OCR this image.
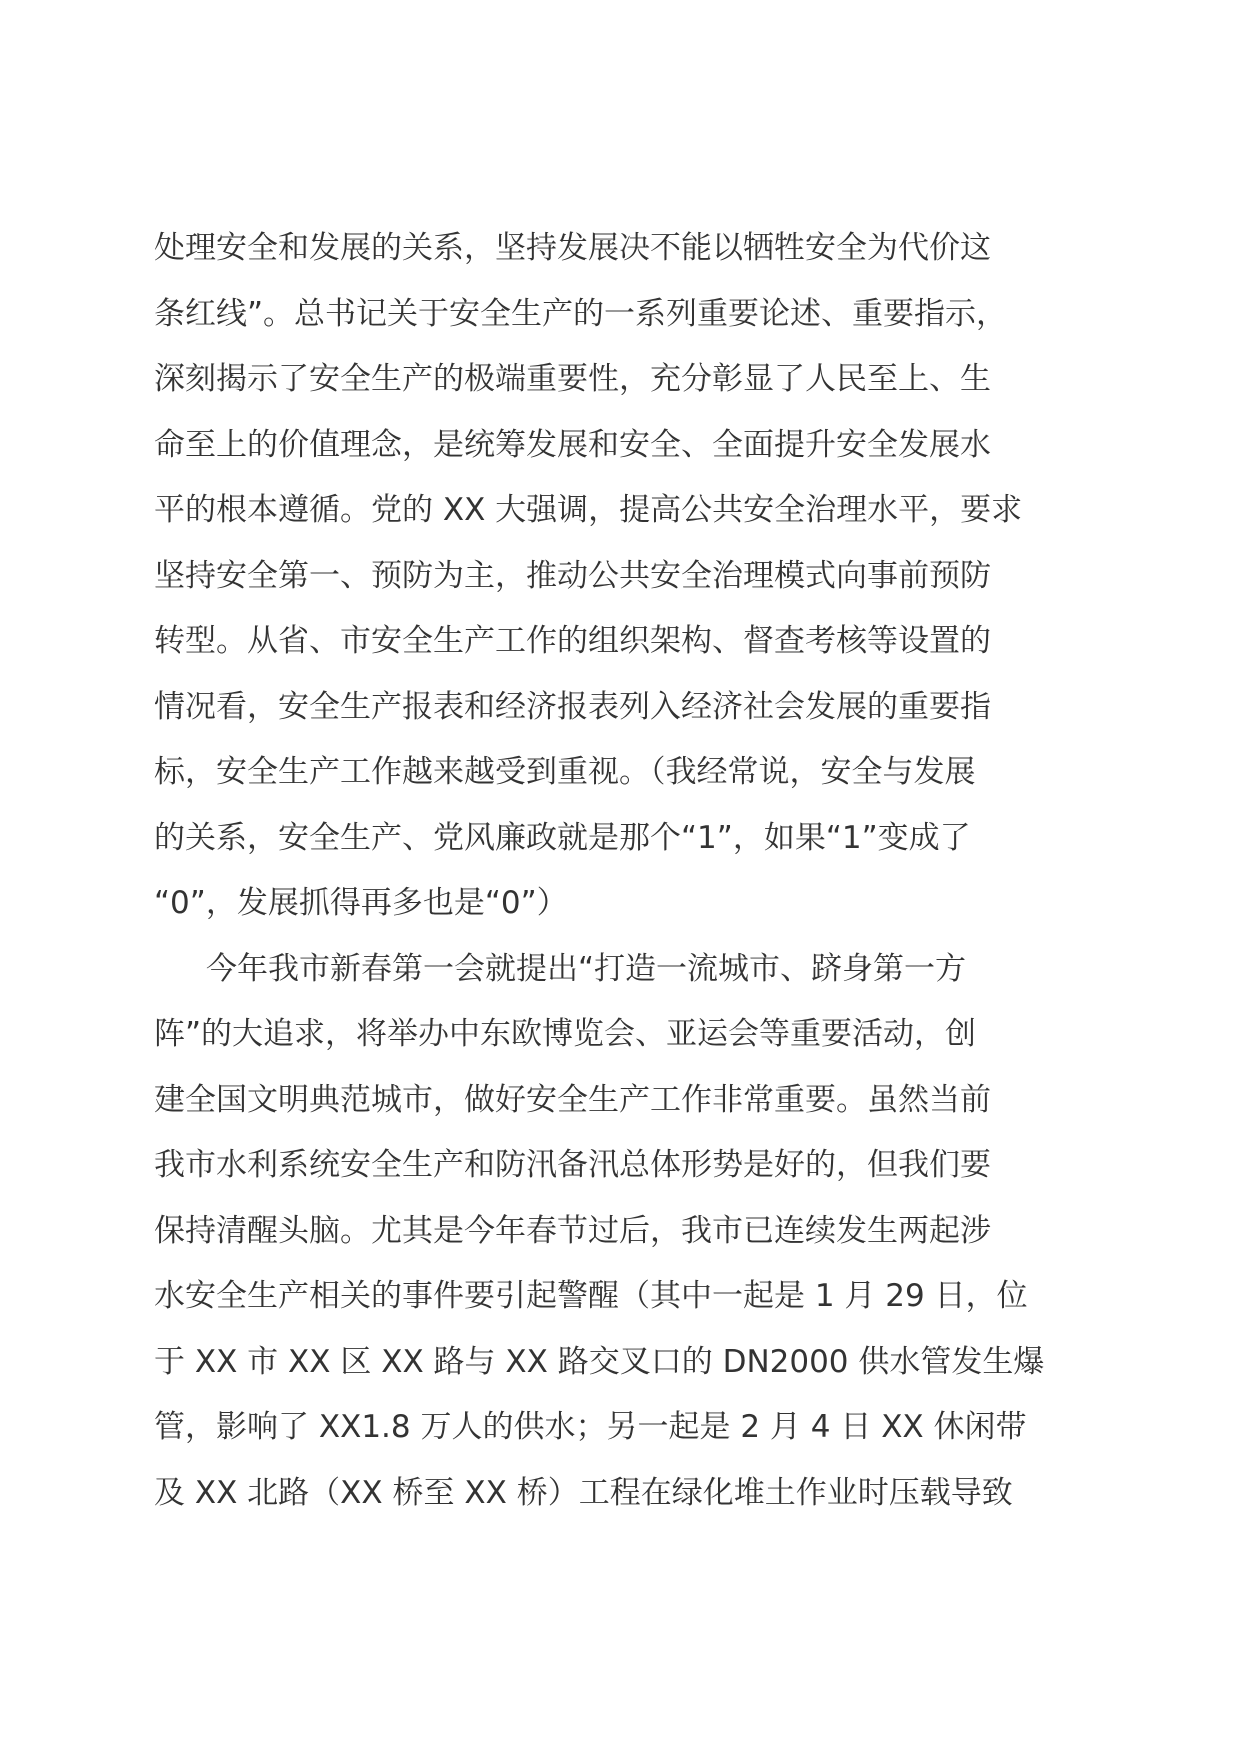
处理安全和发展的关系，坚持发展决不能以牺牲安全为代价这
条红线”。总书记关于安全生产的一系列重要论述、重要指示，
深刻揭示了安全生产的极端重要性，充分彰显了人民至上、生
命至上的价值理念，是统筹发展和安全、全面提升安全发展水
平的根本遵循。党的 XX 大强调，提高公共安全治理水平，要求
坚持安全第一、预防为主，推动公共安全治理模式向事前预防
转型。从省、市安全生产工作的组织架构、督查考核等设置的
情况看，安全生产报表和经济报表列入经济社会发展的重要指
标，安全生产工作越来越受到重视。（我经常说，安全与发展
的关系，安全生产、党风廉政就是那个“1”，如果“1”变成了
“0”，发展抓得再多也是“0”）
今年我市新春第一会就提出“打造一流城市、跻身第一方
阵”的大追求，将举办中东欧博览会、亚运会等重要活动，创
建全国文明典范城市，做好安全生产工作非常重要。虽然当前
我市水利系统安全生产和防汛备汛总体形势是好的，但我们要
保持清醒头脑。尤其是今年春节过后，我市已连续发生两起涉
水安全生产相关的事件要引起警醒（其中一起是 1 月 29 日，位
于 XX 市 XX 区 XX 路与 XX 路交叉口的 DN2000 供水管发生爆
管，影响了 XX1.8 万人的供水；另一起是 2 月 4 日 XX 休闲带
及 XX 北路（XX 桥至 XX 桥）工程在绿化堆土作业时压载导致
